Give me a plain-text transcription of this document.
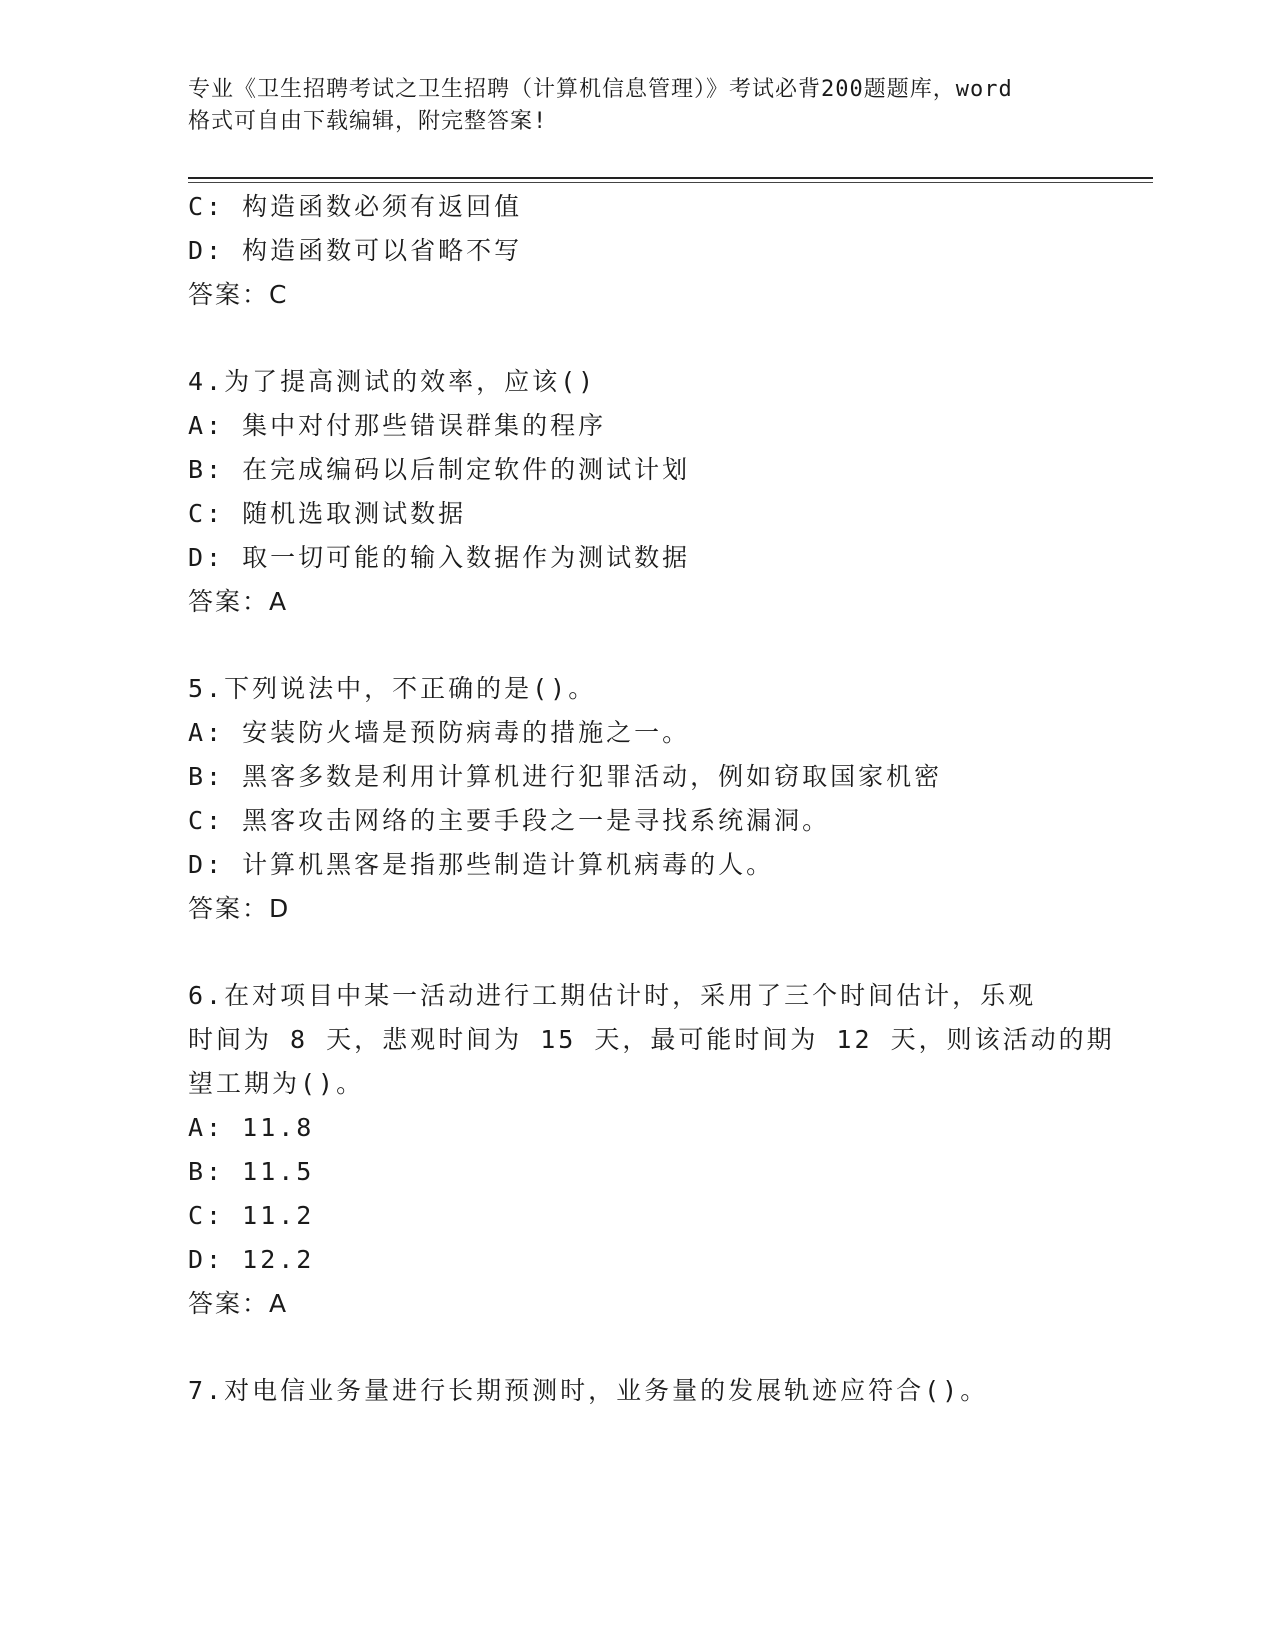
专业《卫生招聘考试之卫生招聘（计算机信息管理）》考试必背200题题库，word
格式可自由下载编辑，附完整答案!
C: 构造函数必须有返回值
D: 构造函数可以省略不写
答案：C
4.为了提高测试的效率，应该()
A: 集中对付那些错误群集的程序
B: 在完成编码以后制定软件的测试计划
C: 随机选取测试数据
D: 取一切可能的输入数据作为测试数据
答案：A
5.下列说法中，不正确的是()。
A: 安装防火墙是预防病毒的措施之一。
B: 黑客多数是利用计算机进行犯罪活动，例如窃取国家机密
C: 黑客攻击网络的主要手段之一是寻找系统漏洞。
D: 计算机黑客是指那些制造计算机病毒的人。
答案：D
6.在对项目中某一活动进行工期估计时，采用了三个时间估计，乐观
时间为 8 天，悲观时间为 15 天，最可能时间为 12 天，则该活动的期
望工期为()。
A: 11.8
B: 11.5
C: 11.2
D: 12.2
答案：A
7.对电信业务量进行长期预测时，业务量的发展轨迹应符合()。
